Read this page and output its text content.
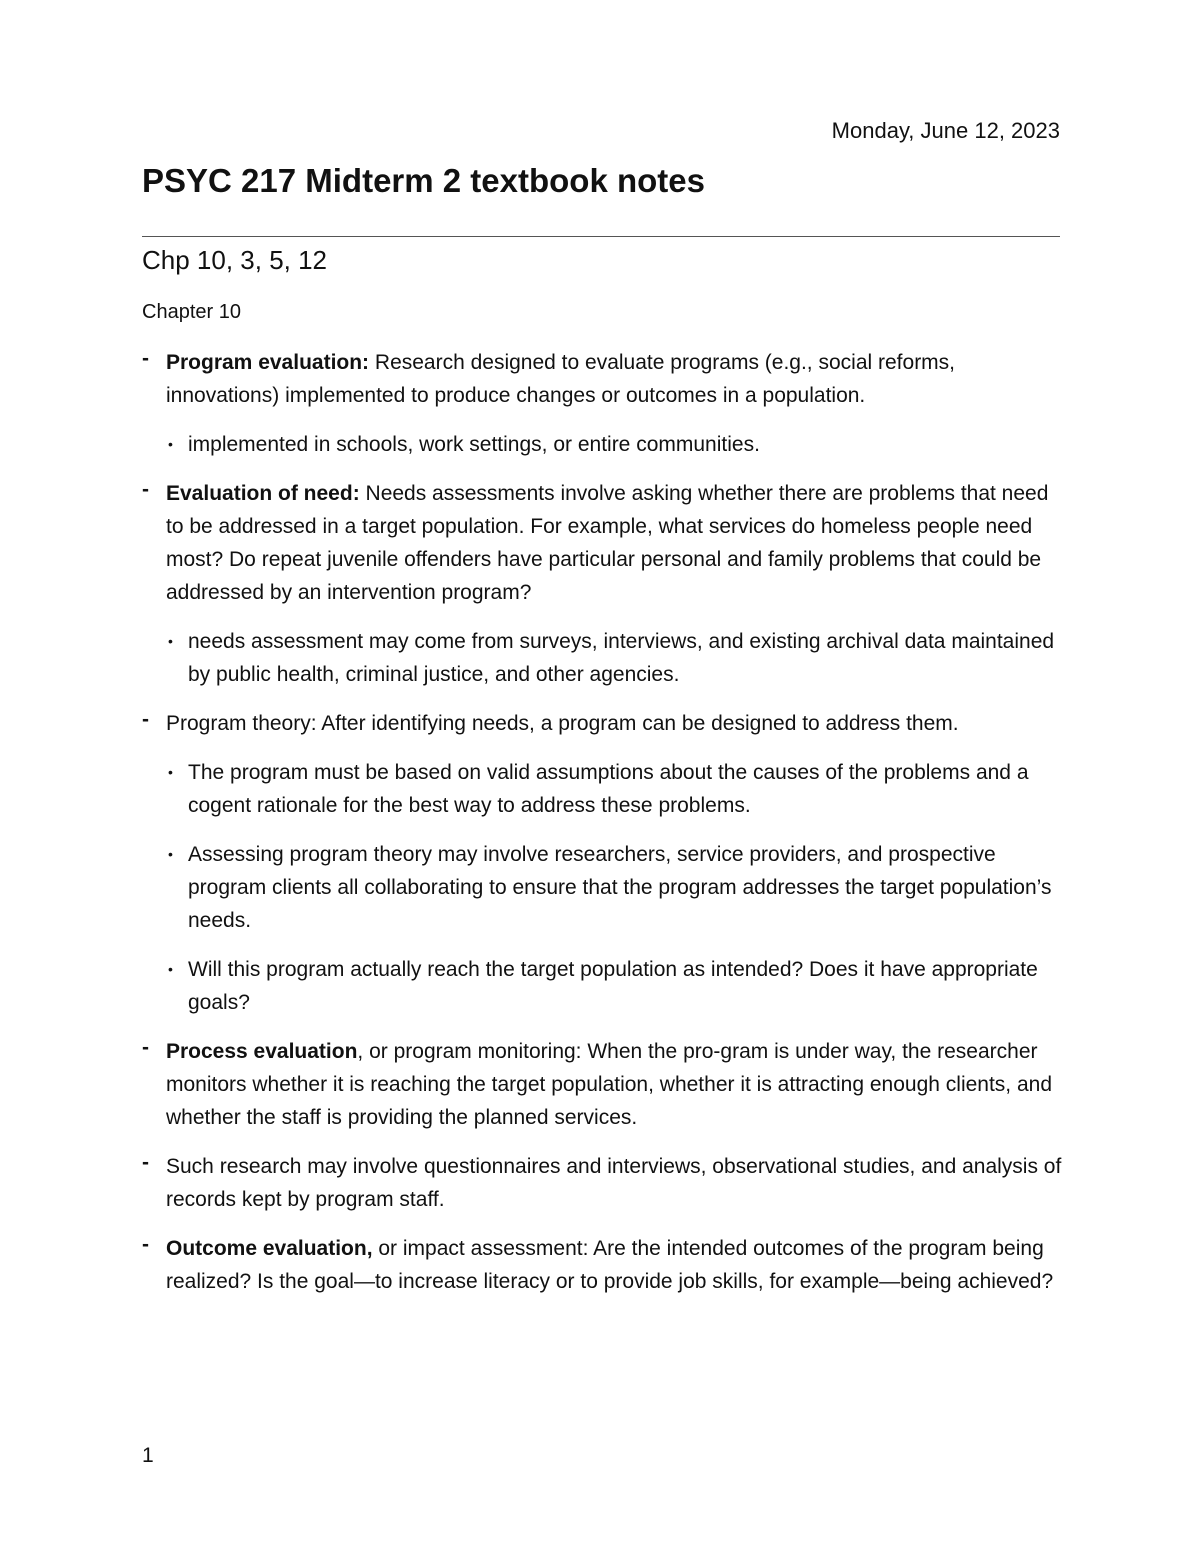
Monday, June 12, 2023
PSYC 217 Midterm 2 textbook notes
Chp 10, 3, 5, 12
Chapter 10
- Program evaluation: Research designed to evaluate programs (e.g., social reforms, innovations) implemented to produce changes or outcomes in a population.
• implemented in schools, work settings, or entire communities.
- Evaluation of need: Needs assessments involve asking whether there are problems that need to be addressed in a target population. For example, what services do homeless people need most? Do repeat juvenile offenders have particular personal and family problems that could be addressed by an intervention program?
• needs assessment may come from surveys, interviews, and existing archival data maintained by public health, criminal justice, and other agencies.
- Program theory: After identifying needs, a program can be designed to address them.
• The program must be based on valid assumptions about the causes of the problems and a cogent rationale for the best way to address these problems.
• Assessing program theory may involve researchers, service providers, and prospective program clients all collaborating to ensure that the program addresses the target population’s needs.
• Will this program actually reach the target population as intended? Does it have appropriate goals?
- Process evaluation, or program monitoring: When the pro-gram is under way, the researcher monitors whether it is reaching the target population, whether it is attracting enough clients, and whether the staff is providing the planned services.
- Such research may involve questionnaires and interviews, observational studies, and analysis of records kept by program staff.
- Outcome evaluation, or impact assessment: Are the intended outcomes of the program being realized? Is the goal—to increase literacy or to provide job skills, for example—being achieved?
1
